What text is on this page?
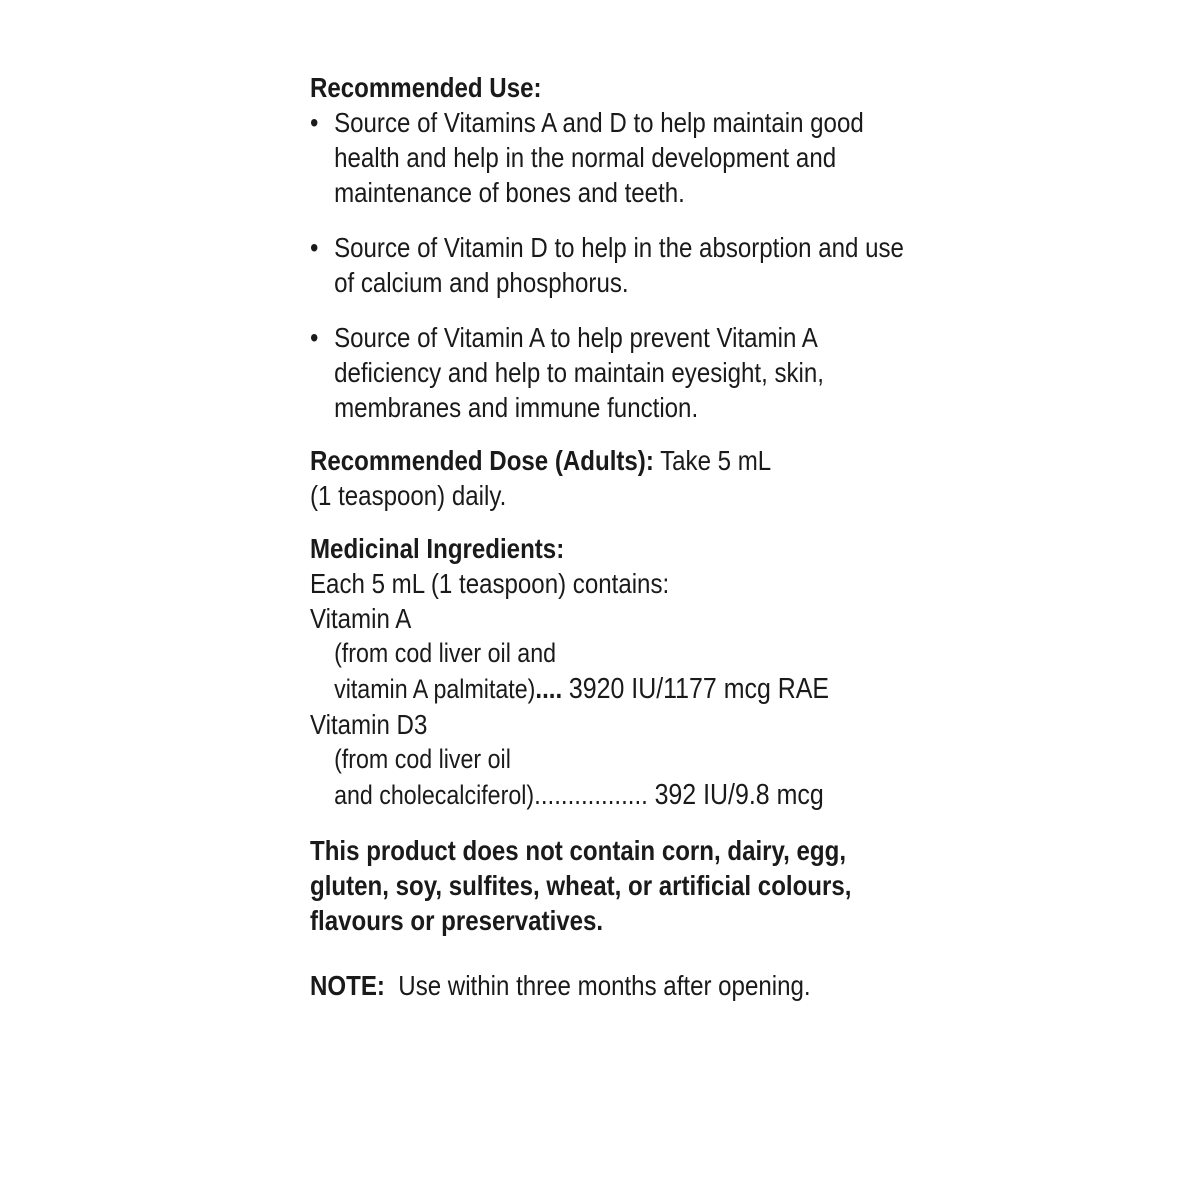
Recommended Use:
• Source of Vitamins A and D to help maintain good health and help in the normal development and maintenance of bones and teeth.
• Source of Vitamin D to help in the absorption and use of calcium and phosphorus.
• Source of Vitamin A to help prevent Vitamin A deficiency and help to maintain eyesight, skin, membranes and immune function.
Recommended Dose (Adults): Take 5 mL
(1 teaspoon) daily.
Medicinal Ingredients:
Each 5 mL (1 teaspoon) contains:
Vitamin A
(from cod liver oil and
vitamin A palmitate).... 3920 IU/1177 mcg RAE
Vitamin D3
(from cod liver oil
and cholecalciferol)................. 392 IU/9.8 mcg
This product does not contain corn, dairy, egg, gluten, soy, sulfites, wheat, or artificial colours, flavours or preservatives.
NOTE: Use within three months after opening.
